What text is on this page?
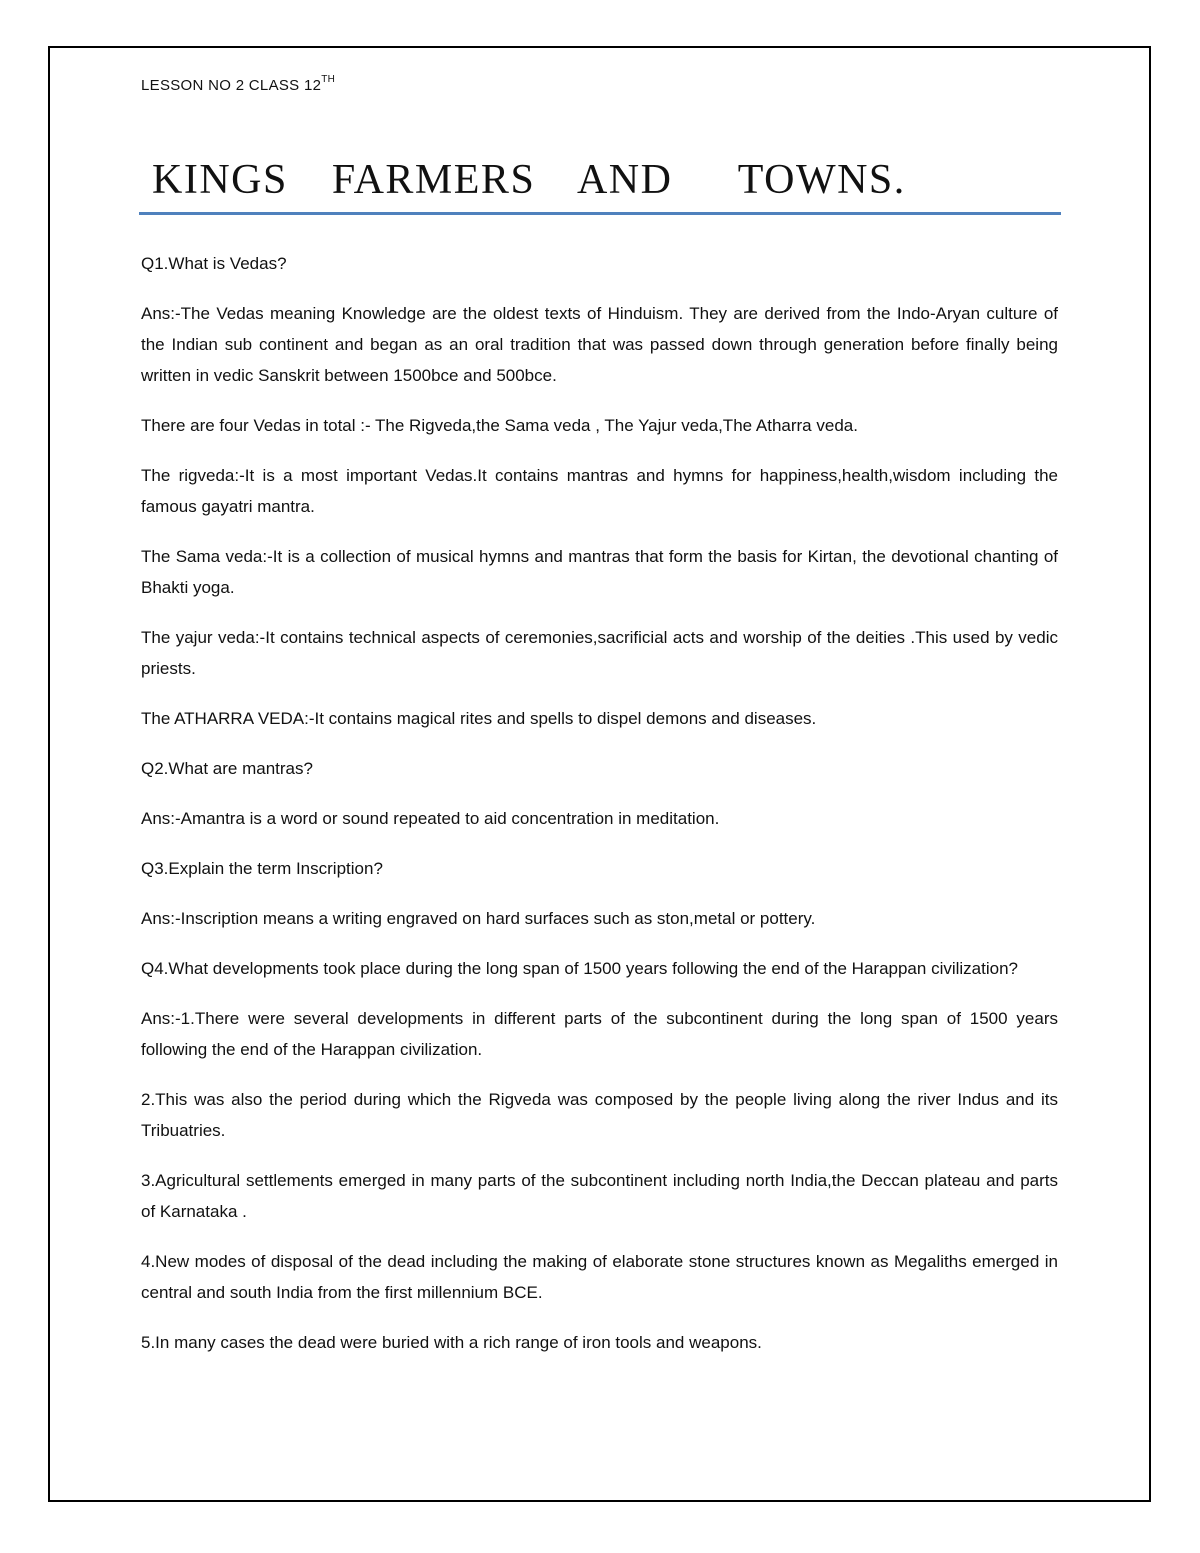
LESSON NO 2 CLASS 12TH
KINGS  FARMERS  AND   TOWNS.

Q1.What is Vedas?

Ans:-The Vedas meaning Knowledge are the oldest texts of Hinduism. They are derived from the Indo-Aryan culture of the Indian sub continent and began as an oral tradition that was passed down through generation before finally being written in vedic Sanskrit between 1500bce and 500bce.

There are four Vedas in total :- The Rigveda,the Sama veda , The Yajur veda,The Atharra veda.

The rigveda:-It is a most important Vedas.It contains mantras and hymns for happiness,health,wisdom including the famous gayatri mantra.

The Sama veda:-It is a collection of musical hymns and mantras that form the basis for Kirtan, the devotional chanting of Bhakti yoga.

The yajur veda:-It contains technical aspects of ceremonies,sacrificial acts and worship of the deities .This used by vedic priests.

The ATHARRA VEDA:-It contains magical rites and spells to dispel demons and diseases.

Q2.What are mantras?

Ans:-Amantra is a word or sound repeated to aid concentration in meditation.

Q3.Explain the term Inscription?

Ans:-Inscription means a writing engraved on hard surfaces such as ston,metal or pottery.

Q4.What developments took place during the long span of 1500 years following the end of the Harappan civilization?

Ans:-1.There were several developments in different parts of the subcontinent during the long span of 1500 years following the end of the Harappan civilization.

2.This was also the period during which the Rigveda was composed by the people living along the river Indus and its Tribuatries.

3.Agricultural settlements emerged in many parts of the subcontinent including north India,the Deccan plateau and parts of Karnataka .

4.New modes of disposal of the dead including the making of elaborate stone structures known as Megaliths emerged in central and south India from the first millennium BCE.

5.In many cases the dead were buried with a rich range of iron tools and weapons.
